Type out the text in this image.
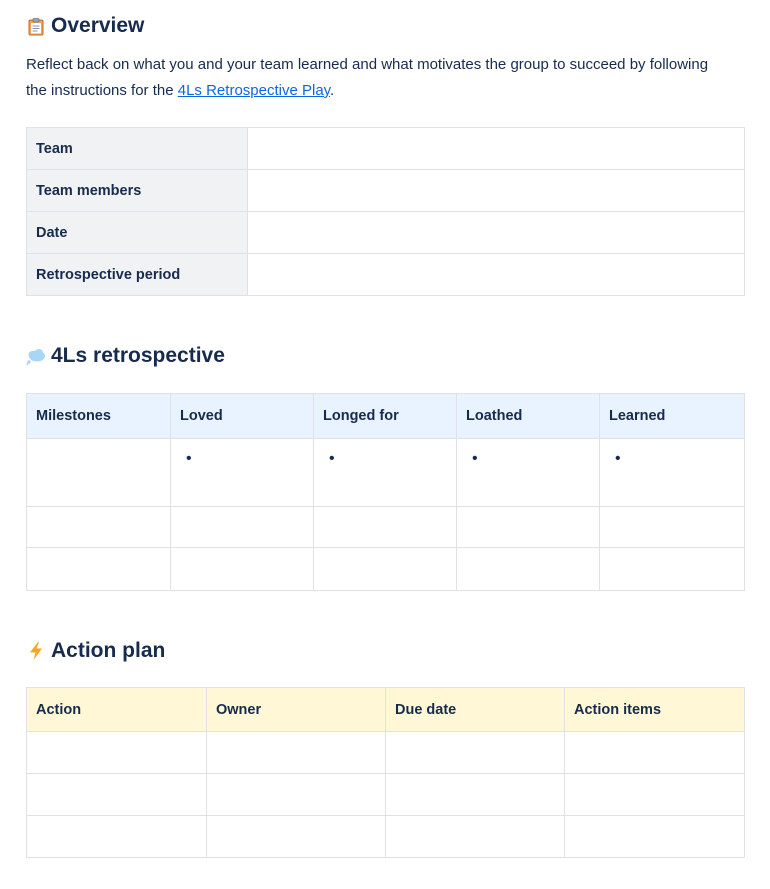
Overview
Reflect back on what you and your team learned and what motivates the group to succeed by following the instructions for the 4Ls Retrospective Play.
Team	
Team members	
Date	
Retrospective period	
4Ls retrospective
Milestones	Loved	Longed for	Loathed	Learned
	•	•	•	•

Action plan
Action	Owner	Due date	Action items
